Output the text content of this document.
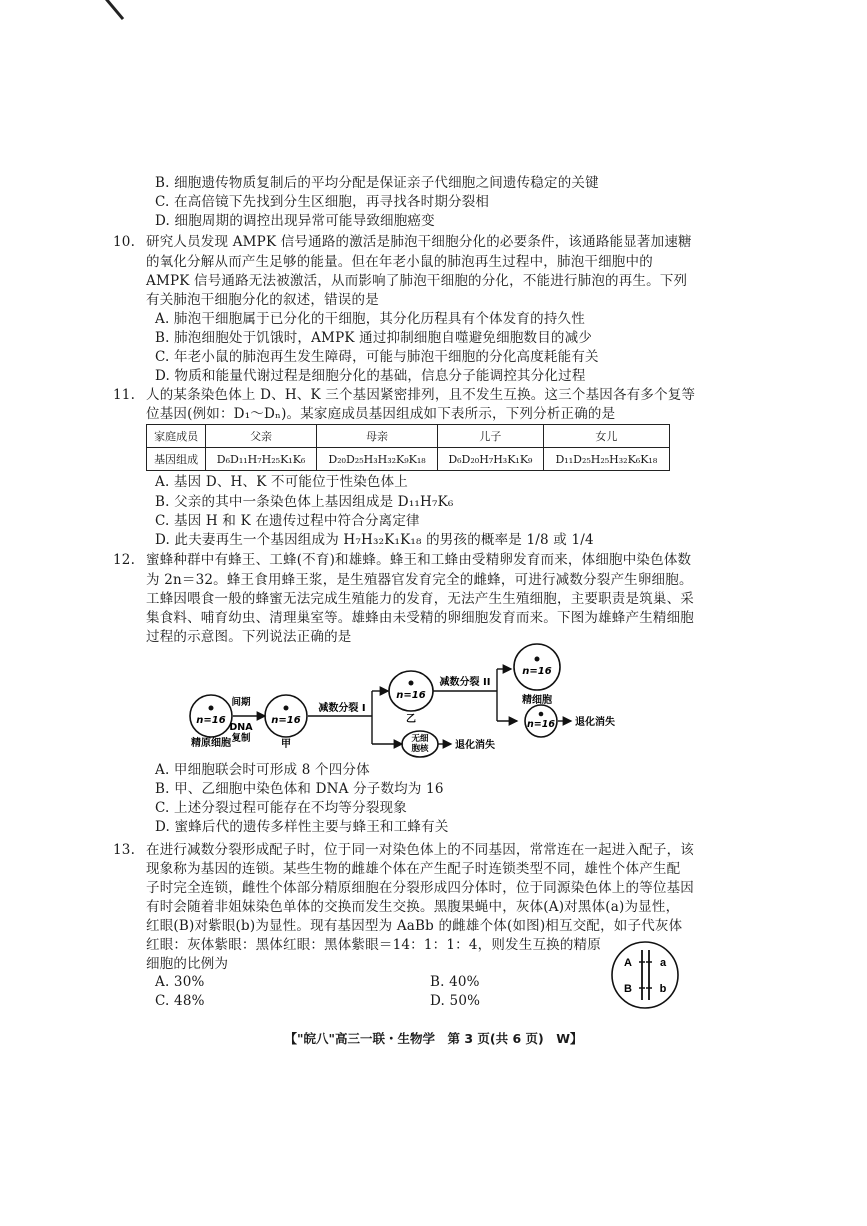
B. 细胞遗传物质复制后的平均分配是保证亲子代细胞之间遗传稳定的关键
C. 在高倍镜下先找到分生区细胞，再寻找各时期分裂相
D. 细胞周期的调控出现异常可能导致细胞癌变
10. 研究人员发现 AMPK 信号通路的激活是肺泡干细胞分化的必要条件，该通路能显著加速糖
的氧化分解从而产生足够的能量。但在年老小鼠的肺泡再生过程中，肺泡干细胞中的
AMPK 信号通路无法被激活，从而影响了肺泡干细胞的分化，不能进行肺泡的再生。下列
有关肺泡干细胞分化的叙述，错误的是
A. 肺泡干细胞属于已分化的干细胞，其分化历程具有个体发育的持久性
B. 肺泡细胞处于饥饿时，AMPK 通过抑制细胞自噬避免细胞数目的减少
C. 年老小鼠的肺泡再生发生障碍，可能与肺泡干细胞的分化高度耗能有关
D. 物质和能量代谢过程是细胞分化的基础，信息分子能调控其分化过程
11. 人的某条染色体上 D、H、K 三个基因紧密排列，且不发生互换。这三个基因各有多个复等
位基因(例如：D₁～Dₙ)。某家庭成员基因组成如下表所示，下列分析正确的是
家庭成员	父亲	母亲	儿子	女儿
基因组成	D₆D₁₁H₇H₂₅K₁K₆	D₂₀D₂₅H₃H₃₂K₉K₁₈	D₆D₂₀H₇H₃K₁K₉	D₁₁D₂₅H₂₅H₃₂K₆K₁₈
A. 基因 D、H、K 不可能位于性染色体上
B. 父亲的其中一条染色体上基因组成是 D₁₁H₇K₆
C. 基因 H 和 K 在遗传过程中符合分离定律
D. 此夫妻再生一个基因组成为 H₇H₃₂K₁K₁₈ 的男孩的概率是 1/8 或 1/4
12. 蜜蜂种群中有蜂王、工蜂(不育)和雄蜂。蜂王和工蜂由受精卵发育而来，体细胞中染色体数
为 2n＝32。蜂王食用蜂王浆，是生殖器官发育完全的雌蜂，可进行减数分裂产生卵细胞。
工蜂因喂食一般的蜂蜜无法完成生殖能力的发育，无法产生生殖细胞，主要职责是筑巢、采
集食料、哺育幼虫、清理巢室等。雄蜂由未受精的卵细胞发育而来。下图为雄蜂产生精细胞
过程的示意图。下列说法正确的是
n=16
精原细胞
间期
DNA
复制
n=16
甲
减数分裂 I
n=16
乙
无细
胞核	退化消失
减数分裂 II
n=16
精细胞
n=16 退化消失
A. 甲细胞联会时可形成 8 个四分体
B. 甲、乙细胞中染色体和 DNA 分子数均为 16
C. 上述分裂过程可能存在不均等分裂现象
D. 蜜蜂后代的遗传多样性主要与蜂王和工蜂有关
13. 在进行减数分裂形成配子时，位于同一对染色体上的不同基因，常常连在一起进入配子，该
现象称为基因的连锁。某些生物的雌雄个体在产生配子时连锁类型不同，雄性个体产生配
子时完全连锁，雌性个体部分精原细胞在分裂形成四分体时，位于同源染色体上的等位基因
有时会随着非姐妹染色单体的交换而发生交换。黑腹果蝇中，灰体(A)对黑体(a)为显性，
红眼(B)对紫眼(b)为显性。现有基因型为 AaBb 的雌雄个体(如图)相互交配，如子代灰体
红眼：灰体紫眼：黑体红眼：黑体紫眼＝14：1：1：4，则发生互换的精原
细胞的比例为
A. 30%	B. 40%
C. 48%	D. 50%
A	a
B	b
【"皖八"高三一联・生物学　第 3 页(共 6 页)　W】
